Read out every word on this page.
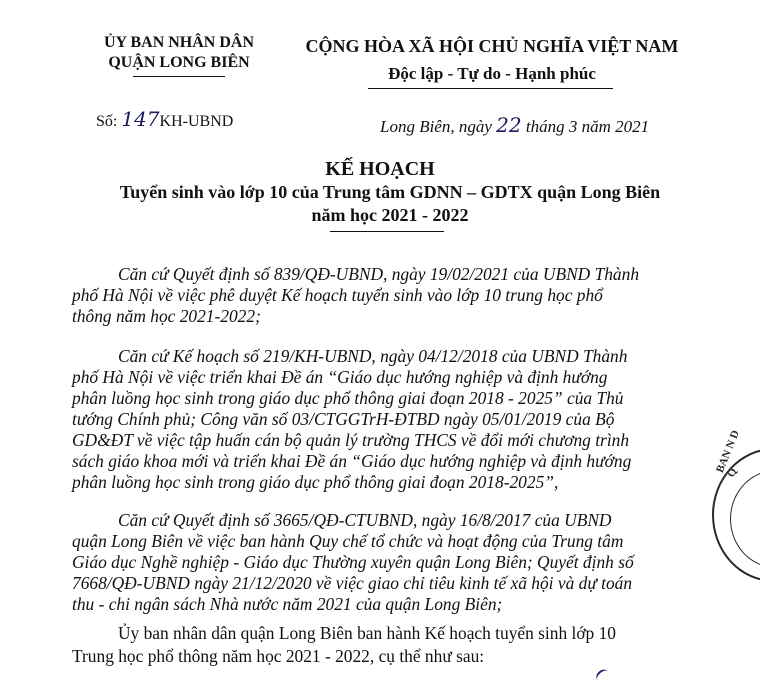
ỦY BAN NHÂN DÂN
QUẬN LONG BIÊN
CỘNG HÒA XÃ HỘI CHỦ NGHĨA VIỆT NAM
Độc lập - Tự do - Hạnh phúc
Số: 147KH-UBND	Long Biên, ngày 22 tháng 3 năm 2021
KẾ HOẠCH
Tuyển sinh vào lớp 10 của Trung tâm GDNN – GDTX quận Long Biên
năm học 2021 - 2022
Căn cứ Quyết định số 839/QĐ-UBND, ngày 19/02/2021 của UBND Thành
phố Hà Nội về việc phê duyệt Kế hoạch tuyển sinh vào lớp 10 trung học phổ
thông năm học 2021-2022;
Căn cứ Kế hoạch số 219/KH-UBND, ngày 04/12/2018 của UBND Thành
phố Hà Nội về việc triển khai Đề án “Giáo dục hướng nghiệp và định hướng
phân luồng học sinh trong giáo dục phổ thông giai đoạn 2018 - 2025” của Thủ
tướng Chính phủ; Công văn số 03/CTGGTrH-ĐTBD ngày 05/01/2019 của Bộ
GD&ĐT về việc tập huấn cán bộ quản lý trường THCS về đổi mới chương trình
sách giáo khoa mới và triển khai Đề án “Giáo dục hướng nghiệp và định hướng
phân luồng học sinh trong giáo dục phổ thông giai đoạn 2018-2025”,
Căn cứ Quyết định số 3665/QĐ-CTUBND, ngày 16/8/2017 của UBND
quận Long Biên về việc ban hành Quy chế tổ chức và hoạt động của Trung tâm
Giáo dục Nghề nghiệp - Giáo dục Thường xuyên quận Long Biên; Quyết định số
7668/QĐ-UBND ngày 21/12/2020 về việc giao chỉ tiêu kinh tế xã hội và dự toán
thu - chi ngân sách Nhà nước năm 2021 của quận Long Biên;
Ủy ban nhân dân quận Long Biên ban hành Kế hoạch tuyển sinh lớp 10
Trung học phổ thông năm học 2021 - 2022, cụ thể như sau:
BAN N D Q
